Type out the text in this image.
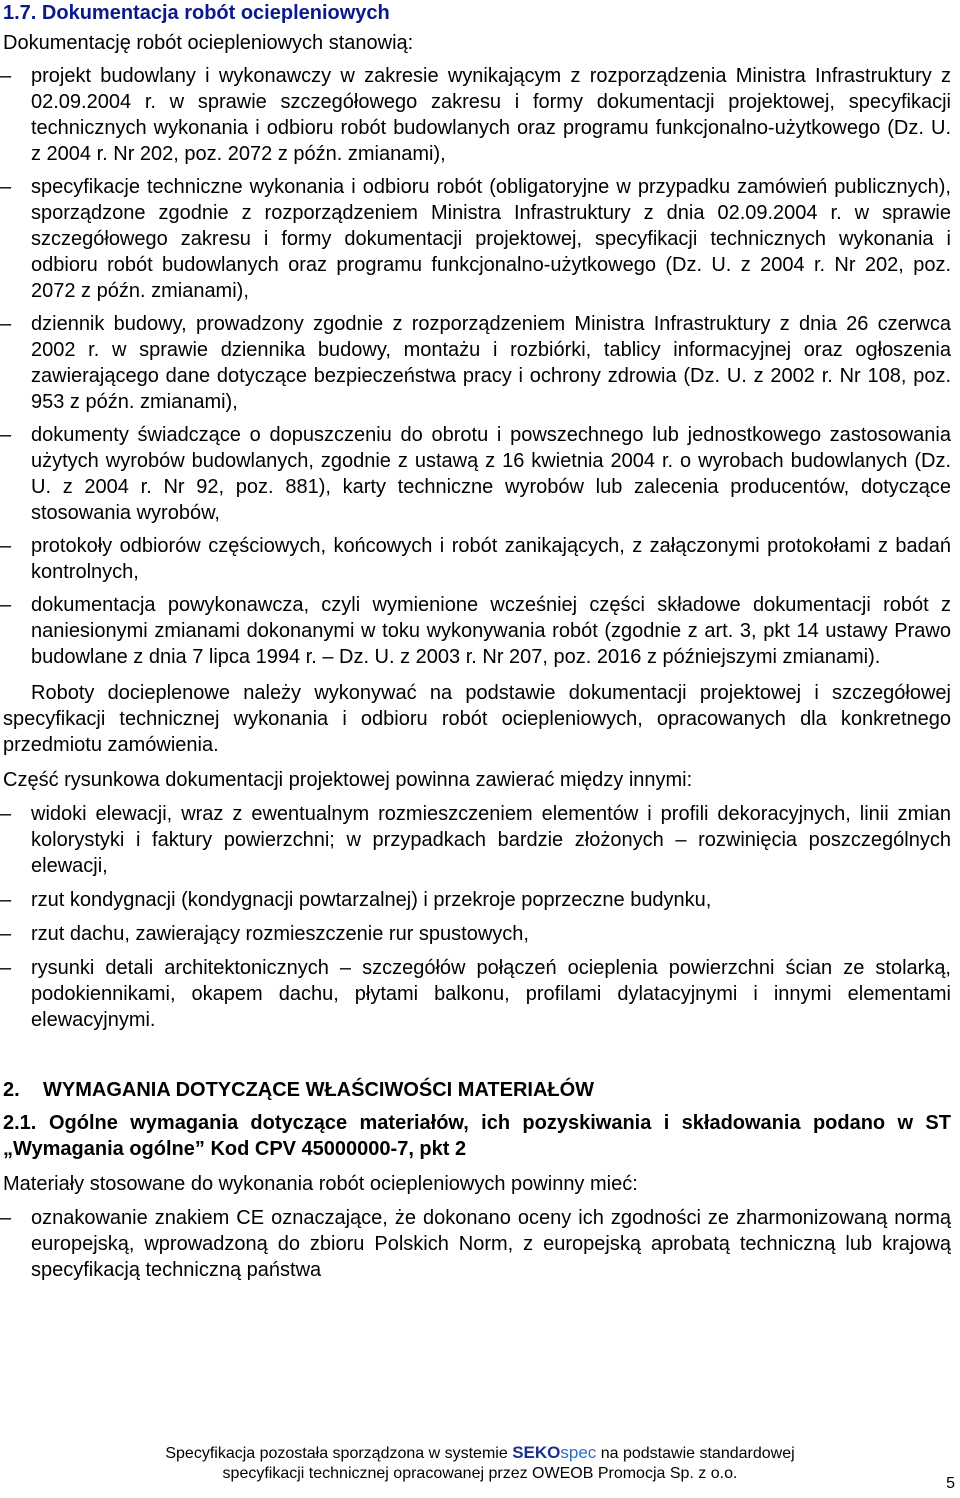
1.7. Dokumentacja robót ociepleniowych

Dokumentację robót ociepleniowych stanowią:

– projekt budowlany i wykonawczy w zakresie wynikającym z rozporządzenia Ministra Infrastruktury z 02.09.2004 r. w sprawie szczegółowego zakresu i formy dokumentacji projektowej, specyfikacji technicznych wykonania i odbioru robót budowlanych oraz programu funkcjonalno-użytkowego (Dz. U. z 2004 r. Nr 202, poz. 2072 z późn. zmianami),
– specyfikacje techniczne wykonania i odbioru robót (obligatoryjne w przypadku zamówień publicznych), sporządzone zgodnie z rozporządzeniem Ministra Infrastruktury z dnia 02.09.2004 r. w sprawie szczegółowego zakresu i formy dokumentacji projektowej, specyfikacji technicznych wykonania i odbioru robót budowlanych oraz programu funkcjonalno-użytkowego (Dz. U. z 2004 r. Nr 202, poz. 2072 z późn. zmianami),
– dziennik budowy, prowadzony zgodnie z rozporządzeniem Ministra Infrastruktury z dnia 26 czerwca 2002 r. w sprawie dziennika budowy, montażu i rozbiórki, tablicy informacyjnej oraz ogłoszenia zawierającego dane dotyczące bezpieczeństwa pracy i ochrony zdrowia (Dz. U. z 2002 r. Nr 108, poz. 953 z późn. zmianami),
– dokumenty świadczące o dopuszczeniu do obrotu i powszechnego lub jednostkowego zastosowania użytych wyrobów budowlanych, zgodnie z ustawą z 16 kwietnia 2004 r. o wyrobach budowlanych (Dz. U. z 2004 r. Nr 92, poz. 881), karty techniczne wyrobów lub zalecenia producentów, dotyczące stosowania wyrobów,
– protokoły odbiorów częściowych, końcowych i robót zanikających, z załączonymi protokołami z badań kontrolnych,
– dokumentacja powykonawcza, czyli wymienione wcześniej części składowe dokumentacji robót z naniesionymi zmianami dokonanymi w toku wykonywania robót (zgodnie z art. 3, pkt 14 ustawy Prawo budowlane z dnia 7 lipca 1994 r. – Dz. U. z 2003 r. Nr 207, poz. 2016 z późniejszymi zmianami).

Roboty docieplenowe należy wykonywać na podstawie dokumentacji projektowej i szczegółowej specyfikacji technicznej wykonania i odbioru robót ociepleniowych, opracowanych dla konkretnego przedmiotu zamówienia.

Część rysunkowa dokumentacji projektowej powinna zawierać między innymi:

– widoki elewacji, wraz z ewentualnym rozmieszczeniem elementów i profili dekoracyjnych, linii zmian kolorystyki i faktury powierzchni; w przypadkach bardzie złożonych – rozwinięcia poszczególnych elewacji,
– rzut kondygnacji (kondygnacji powtarzalnej) i przekroje poprzeczne budynku,
– rzut dachu, zawierający rozmieszczenie rur spustowych,
– rysunki detali architektonicznych – szczegółów połączeń ocieplenia powierzchni ścian ze stolarką, podokiennikami, okapem dachu, płytami balkonu, profilami dylatacyjnymi i innymi elementami elewacyjnymi.
2. WYMAGANIA DOTYCZĄCE WŁAŚCIWOŚCI MATERIAŁÓW
2.1. Ogólne wymagania dotyczące materiałów, ich pozyskiwania i składowania podano w ST „Wymagania ogólne” Kod CPV 45000000-7, pkt 2

Materiały stosowane do wykonania robót ociepleniowych powinny mieć:

– oznakowanie znakiem CE oznaczające, że dokonano oceny ich zgodności ze zharmonizowaną normą europejską, wprowadzoną do zbioru Polskich Norm, z europejską aprobatą techniczną lub krajową specyfikacją techniczną państwa
Specyfikacja pozostała sporządzona w systemie SEKOspec na podstawie standardowej
specyfikacji technicznej opracowanej przez OWEOB Promocja Sp. z o.o.
5
